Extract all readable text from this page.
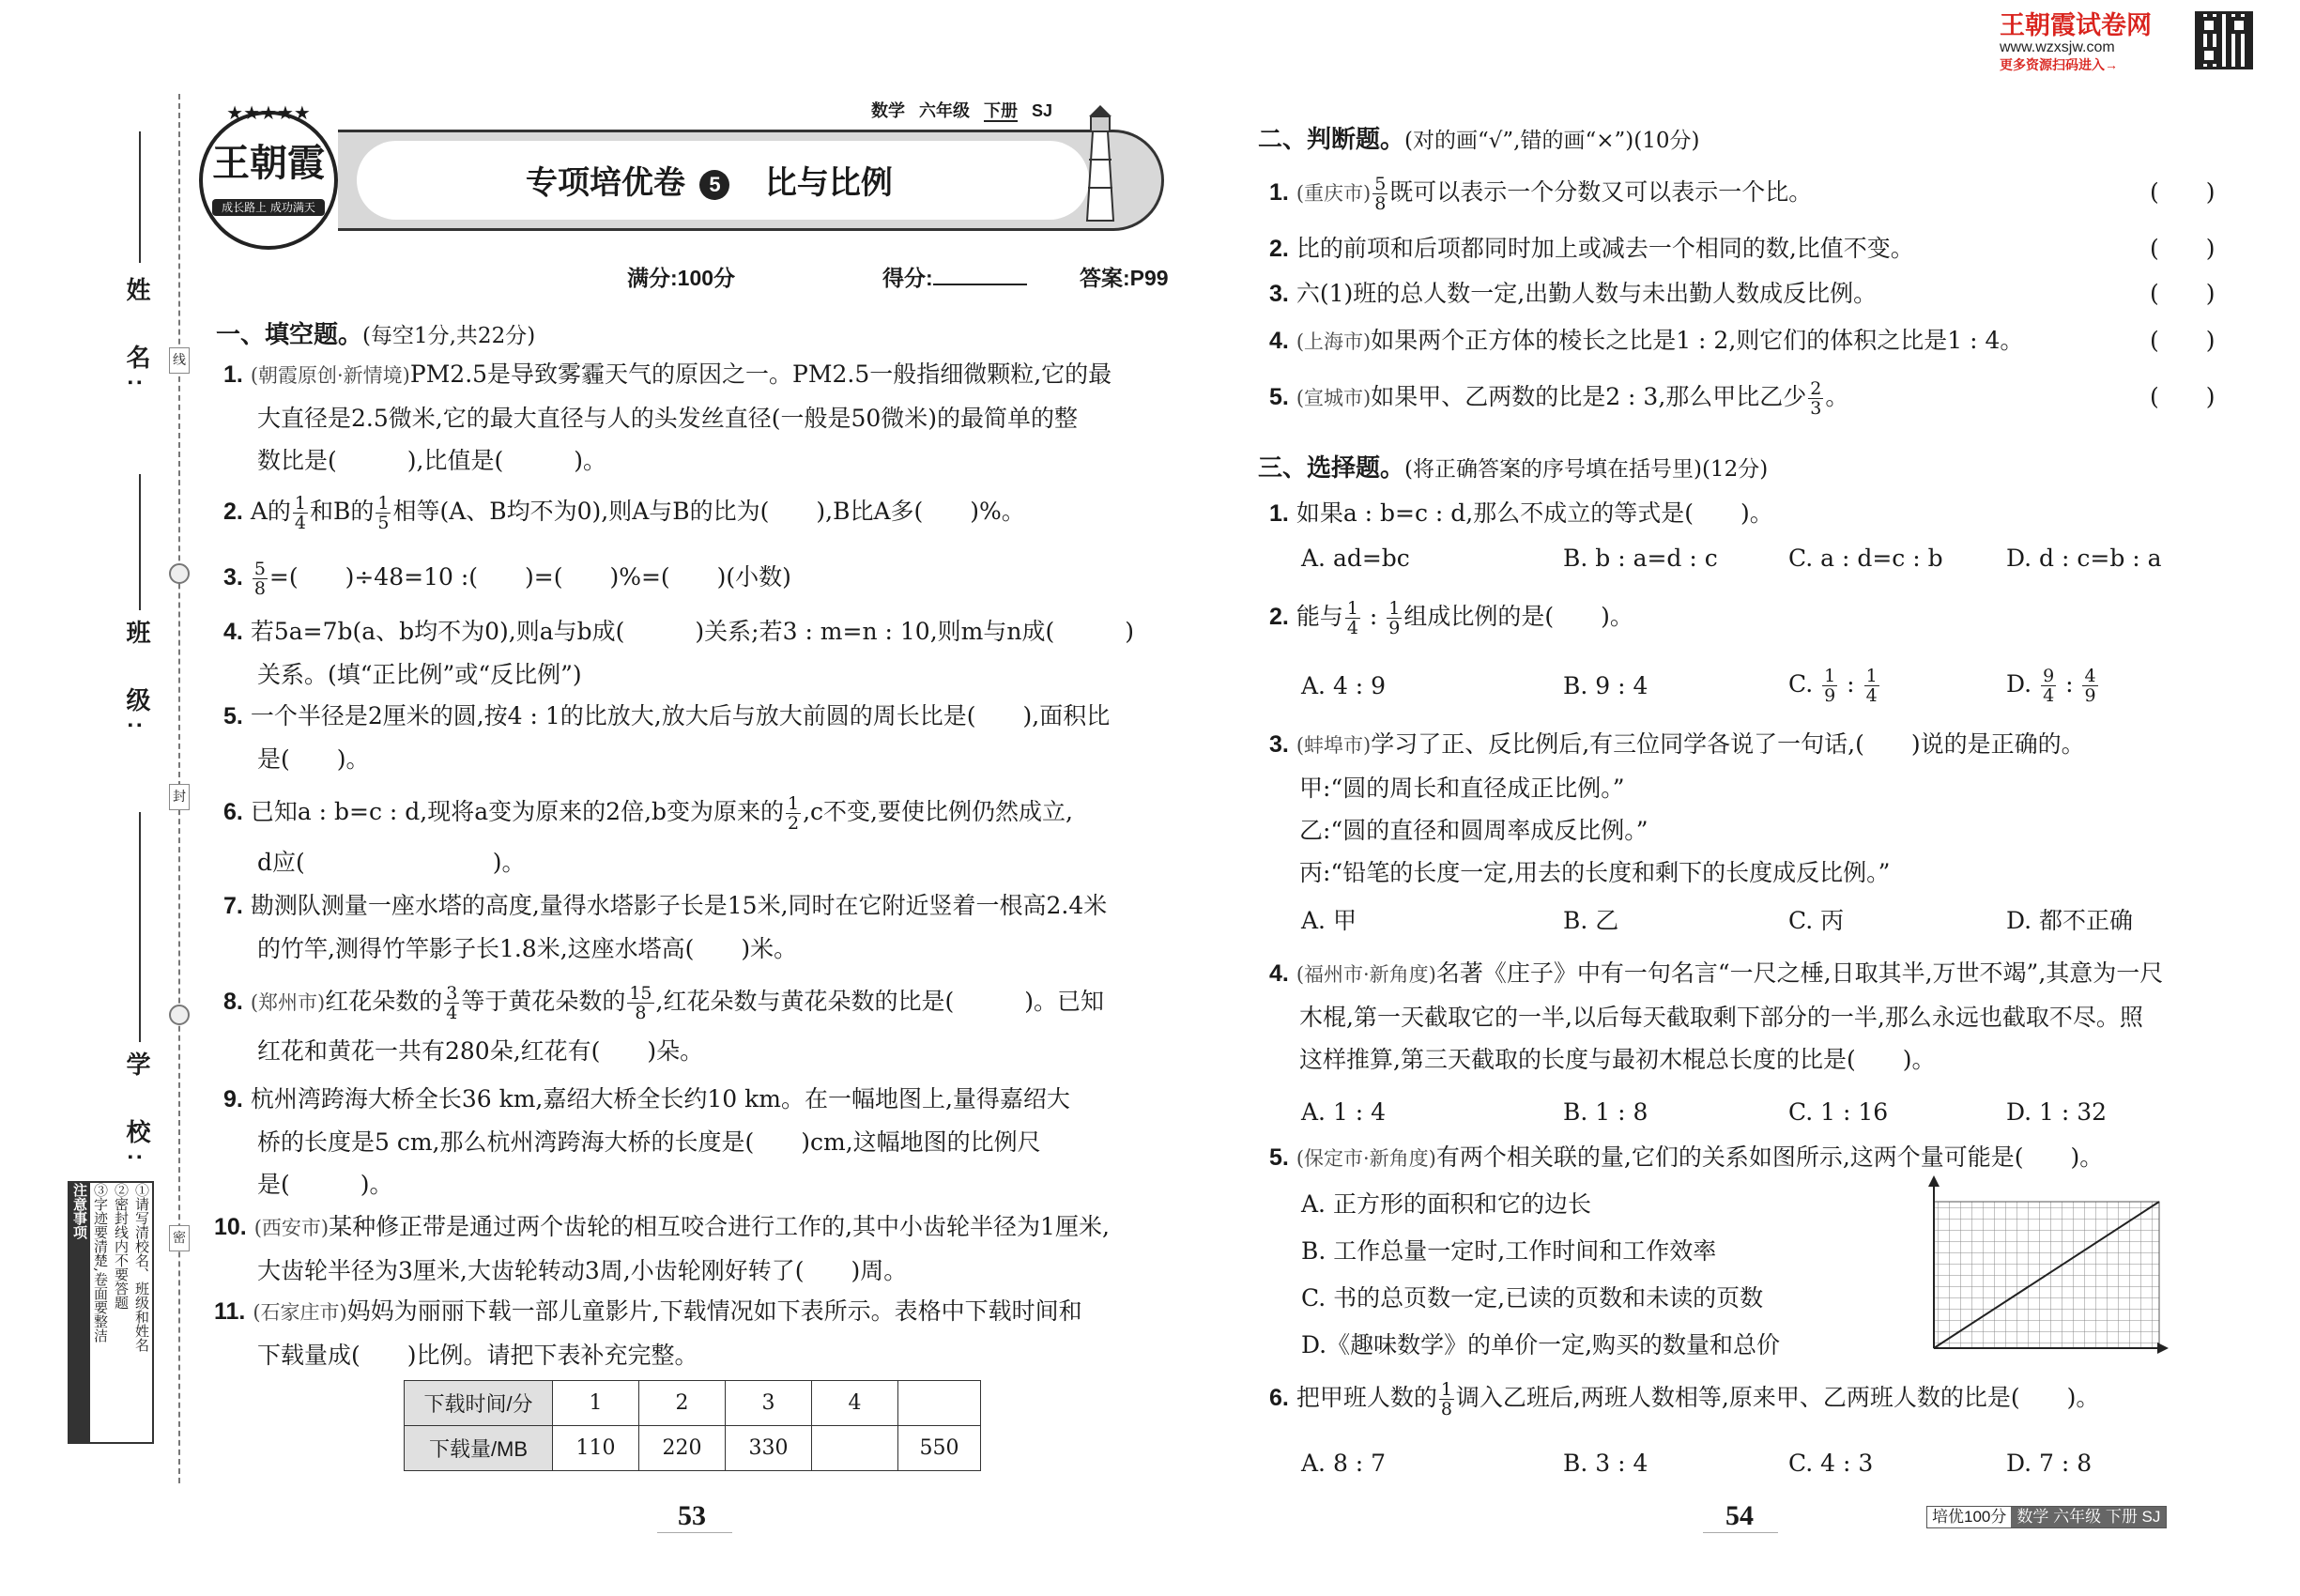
姓　名:
班　级:
学　校:
线
封
密
①请写清校名、班级和姓名
②密封线内不要答题
③字迹要清楚,卷面要整洁
注意事项
★★★★★
王朝霞
成长路上 成功满天
数学 六年级 下册 SJ
专项培优卷 5 比与比例
满分:100分	得分:	答案:P99
一、填空题。(每空1分,共22分)
1. (朝霞原创·新情境)PM2.5是导致雾霾天气的原因之一。PM2.5一般指细微颗粒,它的最
大直径是2.5微米,它的最大直径与人的头发丝直径(一般是50微米)的最简单的整
数比是(　　　),比值是(　　　)。
2. A的 $\frac{1}{4}$ 和B的 $\frac{1}{5}$ 相等(A、B均不为0),则A与B的比为(　　),B比A多(　　)%。
3. $\frac{5}{8}$ =(　　)÷48=10 :(　　)=(　　)%=(　　)(小数)
4. 若5a=7b(a、b均不为0),则a与b成(　　　)关系;若3 : m=n : 10,则m与n成(　　　)
关系。(填“正比例”或“反比例”)
5. 一个半径是2厘米的圆,按4 : 1的比放大,放大后与放大前圆的周长比是(　　),面积比
是(　　)。
6. 已知a : b=c : d,现将a变为原来的2倍,b变为原来的 $\frac{1}{2} ,c$不变,要使比例仍然成立,
d应(　　　　　　　　)。
7. 勘测队测量一座水塔的高度,量得水塔影子长是15米,同时在它附近竖着一根高2.4米
的竹竿,测得竹竿影子长1.8米,这座水塔高(　　)米。
8. (郑州市)红花朵数的 $\frac{3}{4}$ 等于黄花朵数的 $\frac{15}{8}$ ,红花朵数与黄花朵数的比是(　　　)。已知
红花和黄花一共有280朵,红花有(　　)朵。
9. 杭州湾跨海大桥全长36 km,嘉绍大桥全长约10 km。在一幅地图上,量得嘉绍大
桥的长度是5 cm,那么杭州湾跨海大桥的长度是(　　)cm,这幅地图的比例尺
是(　　　)。
10. (西安市)某种修正带是通过两个齿轮的相互咬合进行工作的,其中小齿轮半径为1厘米,
大齿轮半径为3厘米,大齿轮转动3周,小齿轮刚好转了(　　)周。
11. (石家庄市)妈妈为丽丽下载一部儿童影片,下载情况如下表所示。表格中下载时间和
下载量成(　　)比例。请把下表补充完整。
下载时间/分	1	2	3	4	
下载量/MB	110	220	330		550
53
王朝霞试卷网
www.wzxsjw.com
更多资源扫码进入→
二、判断题。(对的画“√”,错的画“×”)(10分)
1. (重庆市) $\frac{5}{8}$ 既可以表示一个分数又可以表示一个比。	(　　)
2. 比的前项和后项都同时加上或减去一个相同的数,比值不变。	(　　)
3. 六(1)班的总人数一定,出勤人数与未出勤人数成反比例。	(　　)
4. (上海市)如果两个正方体的棱长之比是1 : 2,则它们的体积之比是1 : 4。	(　　)
5. (宣城市)如果甲、乙两数的比是2 : 3,那么甲比乙少 $\frac{2}{3}$ 。	(　　)
三、选择题。(将正确答案的序号填在括号里)(12分)
1. 如果a : b=c : d,那么不成立的等式是(　　)。
A. ad=bc	B. b : a=d : c	C. a : d=c : b	D. d : c=b : a
2. 能与 $\frac{1}{4}$ : $\frac{1}{9}$ 组成比例的是(　　)。
A. 4 : 9	B. 9 : 4	C. $\frac{1}{9}$ : $\frac{1}{4}$	D. $\frac{9}{4}$ : $\frac{4}{9}$
3. (蚌埠市)学习了正、反比例后,有三位同学各说了一句话,(　　)说的是正确的。
甲:“圆的周长和直径成正比例。”
乙:“圆的直径和圆周率成反比例。”
丙:“铅笔的长度一定,用去的长度和剩下的长度成反比例。”
A. 甲	B. 乙	C. 丙	D. 都不正确
4. (福州市·新角度)名著《庄子》中有一句名言“一尺之棰,日取其半,万世不竭”,其意为一尺
木棍,第一天截取它的一半,以后每天截取剩下部分的一半,那么永远也截取不尽。照
这样推算,第三天截取的长度与最初木棍总长度的比是(　　)。
A. 1 : 4	B. 1 : 8	C. 1 : 16	D. 1 : 32
5. (保定市·新角度)有两个相关联的量,它们的关系如图所示,这两个量可能是(　　)。
A. 正方形的面积和它的边长
B. 工作总量一定时,工作时间和工作效率
C. 书的总页数一定,已读的页数和未读的页数
D.《趣味数学》的单价一定,购买的数量和总价
6. 把甲班人数的 $\frac{1}{8}$ 调入乙班后,两班人数相等,原来甲、乙两班人数的比是(　　)。
A. 8 : 7	B. 3 : 4	C. 4 : 3	D. 7 : 8
54	培优100分 数学 六年级 下册 SJ
